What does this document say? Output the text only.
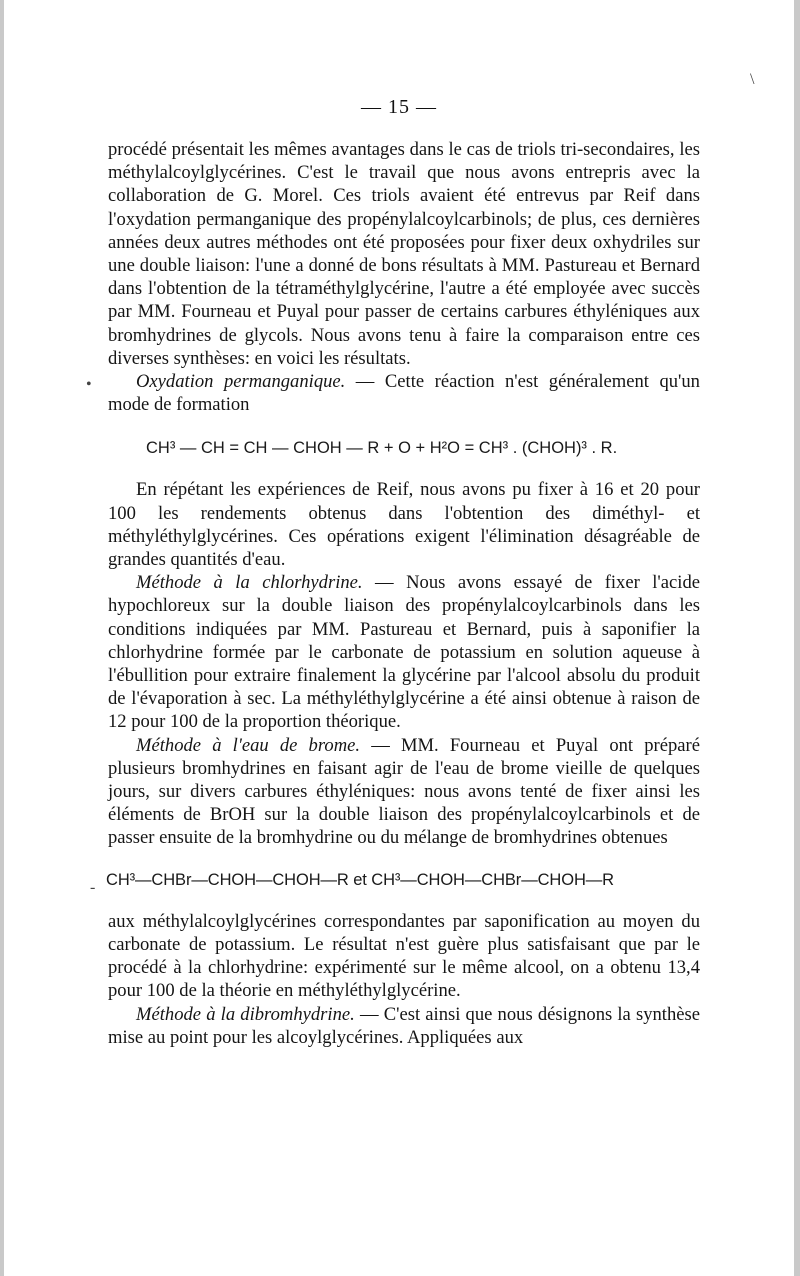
— 15 —
\
•
-

procédé présentait les mêmes avantages dans le cas de triols tri-secondaires, les méthylalcoylglycérines. C'est le travail que nous avons entrepris avec la collaboration de G. Morel. Ces triols avaient été entrevus par Reif dans l'oxydation permanganique des propénylalcoylcarbinols; de plus, ces dernières années deux autres méthodes ont été proposées pour fixer deux oxhydriles sur une double liaison: l'une a donné de bons résultats à MM. Pastureau et Bernard dans l'obtention de la tétraméthylglycérine, l'autre a été employée avec succès par MM. Fourneau et Puyal pour passer de certains carbures éthyléniques aux bromhydrines de glycols. Nous avons tenu à faire la comparaison entre ces diverses synthèses: en voici les résultats.

Oxydation permanganique. — Cette réaction n'est généralement qu'un mode de formation

CH³ — CH = CH — CHOH — R + O + H²O = CH³ . (CHOH)³ . R.

En répétant les expériences de Reif, nous avons pu fixer à 16 et 20 pour 100 les rendements obtenus dans l'obtention des diméthyl- et méthyléthylglycérines. Ces opérations exigent l'élimination désagréable de grandes quantités d'eau.

Méthode à la chlorhydrine. — Nous avons essayé de fixer l'acide hypochloreux sur la double liaison des propénylalcoylcarbinols dans les conditions indiquées par MM. Pastureau et Bernard, puis à saponifier la chlorhydrine formée par le carbonate de potassium en solution aqueuse à l'ébullition pour extraire finalement la glycérine par l'alcool absolu du produit de l'évaporation à sec. La méthyléthylglycérine a été ainsi obtenue à raison de 12 pour 100 de la proportion théorique.

Méthode à l'eau de brome. — MM. Fourneau et Puyal ont préparé plusieurs bromhydrines en faisant agir de l'eau de brome vieille de quelques jours, sur divers carbures éthyléniques: nous avons tenté de fixer ainsi les éléments de BrOH sur la double liaison des propénylalcoylcarbinols et de passer ensuite de la bromhydrine ou du mélange de bromhydrines obtenues

CH³—CHBr—CHOH—CHOH—R et CH³—CHOH—CHBr—CHOH—R

aux méthylalcoylglycérines correspondantes par saponification au moyen du carbonate de potassium. Le résultat n'est guère plus satisfaisant que par le procédé à la chlorhydrine: expérimenté sur le même alcool, on a obtenu 13,4 pour 100 de la théorie en méthyléthylglycérine.

Méthode à la dibromhydrine. — C'est ainsi que nous désignons la synthèse mise au point pour les alcoylglycérines. Appliquées aux
